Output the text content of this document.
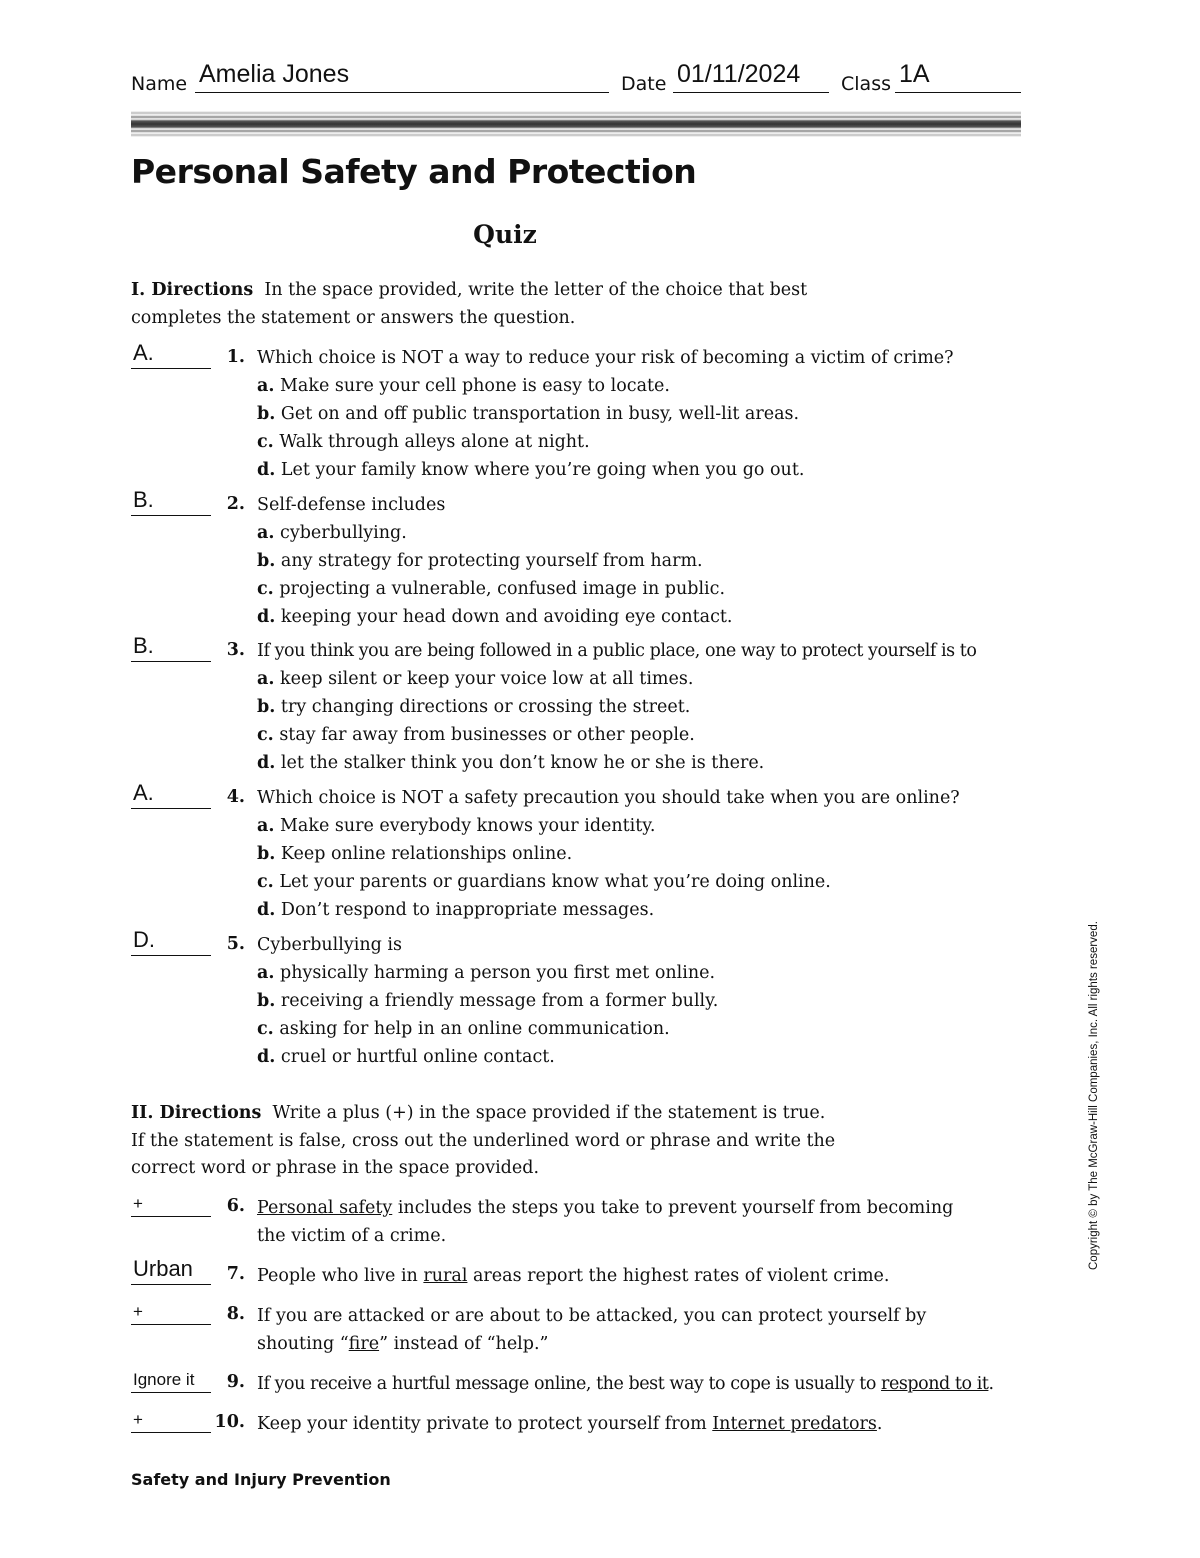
Name Amelia Jones	Date 01/11/2024 Class 1A
Personal Safety and Protection
Quiz
I. Directions In the space provided, write the letter of the choice that best
completes the statement or answers the question.
A.	1. Which choice is NOT a way to reduce your risk of becoming a victim of crime?
a. Make sure your cell phone is easy to locate.
b. Get on and off public transportation in busy, well-lit areas.
c. Walk through alleys alone at night.
d. Let your family know where you’re going when you go out.
B.	2. Self-defense includes
a. cyberbullying.
b. any strategy for protecting yourself from harm.
c. projecting a vulnerable, confused image in public.
d. keeping your head down and avoiding eye contact.
B.	3. If you think you are being followed in a public place, one way to protect yourself is to
a. keep silent or keep your voice low at all times.
b. try changing directions or crossing the street.
c. stay far away from businesses or other people.
d. let the stalker think you don’t know he or she is there.
A.	4. Which choice is NOT a safety precaution you should take when you are online?
a. Make sure everybody knows your identity.
b. Keep online relationships online.
c. Let your parents or guardians know what you’re doing online.
d. Don’t respond to inappropriate messages.
D.	5. Cyberbullying is
a. physically harming a person you first met online.
b. receiving a friendly message from a former bully.
c. asking for help in an online communication.
d. cruel or hurtful online contact.
II. Directions Write a plus (+) in the space provided if the statement is true.
If the statement is false, cross out the underlined word or phrase and write the
correct word or phrase in the space provided.
+	6. Personal safety includes the steps you take to prevent yourself from becoming
the victim of a crime.
Urban	7. People who live in rural areas report the highest rates of violent crime.
+	8. If you are attacked or are about to be attacked, you can protect yourself by
shouting “fire” instead of “help.”
Ignore it	9. If you receive a hurtful message online, the best way to cope is usually to respond to it.
+	10. Keep your identity private to protect yourself from Internet predators.
Safety and Injury Prevention
Copyright © by The McGraw-Hill Companies, Inc. All rights reserved.
